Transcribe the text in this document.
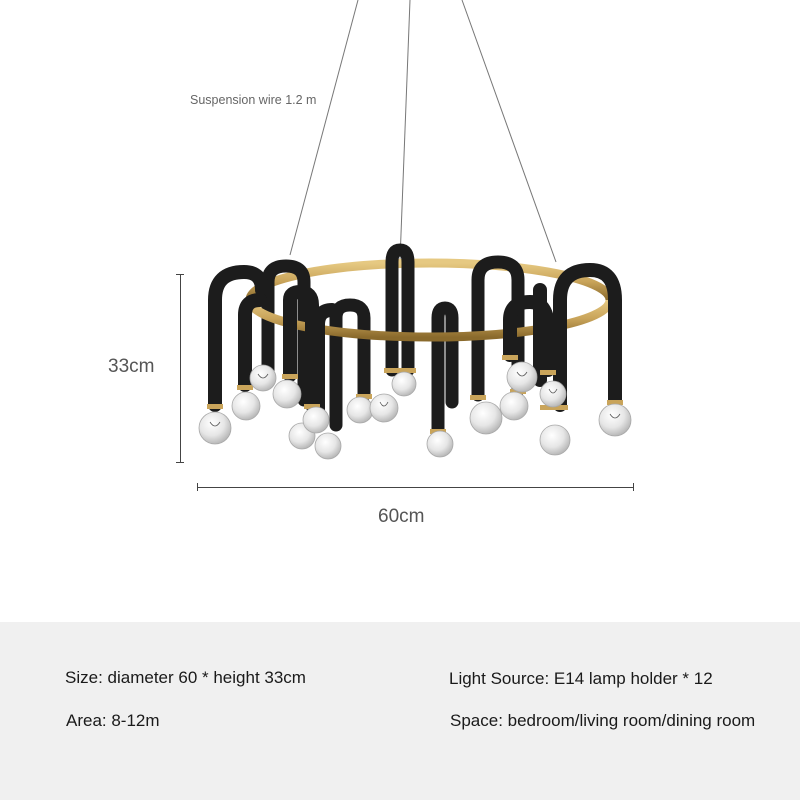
Suspension wire 1.2 m
33cm
60cm
Size: diameter 60 * height 33cm	Light Source: E14 lamp holder * 12
Area: 8-12m	Space: bedroom/living room/dining room
